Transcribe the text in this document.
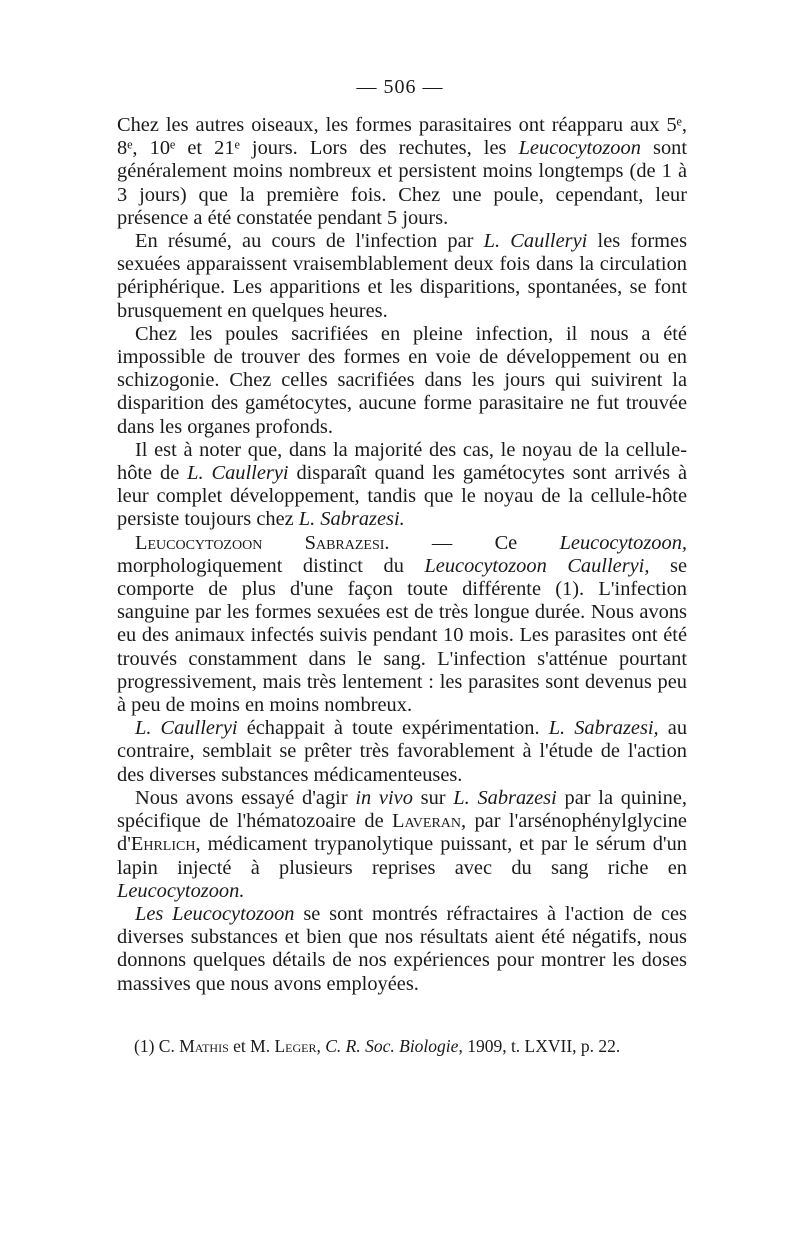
— 506 —

Chez les autres oiseaux, les formes parasitaires ont réapparu aux 5ᵉ, 8ᵉ, 10ᵉ et 21ᵉ jours. Lors des rechutes, les Leucocytozoon sont généralement moins nombreux et persistent moins longtemps (de 1 à 3 jours) que la première fois. Chez une poule, cependant, leur présence a été constatée pendant 5 jours.

En résumé, au cours de l'infection par L. Caulleryi les formes sexuées apparaissent vraisemblablement deux fois dans la circulation périphérique. Les apparitions et les disparitions, spontanées, se font brusquement en quelques heures.

Chez les poules sacrifiées en pleine infection, il nous a été impossible de trouver des formes en voie de développement ou en schizogonie. Chez celles sacrifiées dans les jours qui suivirent la disparition des gamétocytes, aucune forme parasitaire ne fut trouvée dans les organes profonds.

Il est à noter que, dans la majorité des cas, le noyau de la cellule-hôte de L. Caulleryi disparaît quand les gamétocytes sont arrivés à leur complet développement, tandis que le noyau de la cellule-hôte persiste toujours chez L. Sabrazesi.

Leucocytozoon Sabrazesi. — Ce Leucocytozoon, morphologiquement distinct du Leucocytozoon Caulleryi, se comporte de plus d'une façon toute différente (1). L'infection sanguine par les formes sexuées est de très longue durée. Nous avons eu des animaux infectés suivis pendant 10 mois. Les parasites ont été trouvés constamment dans le sang. L'infection s'atténue pourtant progressivement, mais très lentement : les parasites sont devenus peu à peu de moins en moins nombreux.

L. Caulleryi échappait à toute expérimentation. L. Sabrazesi, au contraire, semblait se prêter très favorablement à l'étude de l'action des diverses substances médicamenteuses.

Nous avons essayé d'agir in vivo sur L. Sabrazesi par la quinine, spécifique de l'hématozoaire de Laveran, par l'arsénophénylglycine d'Ehrlich, médicament trypanolytique puissant, et par le sérum d'un lapin injecté à plusieurs reprises avec du sang riche en Leucocytozoon.

Les Leucocytozoon se sont montrés réfractaires à l'action de ces diverses substances et bien que nos résultats aient été négatifs, nous donnons quelques détails de nos expériences pour montrer les doses massives que nous avons employées.

(1) C. Mathis et M. Leger, C. R. Soc. Biologie, 1909, t. LXVII, p. 22.
